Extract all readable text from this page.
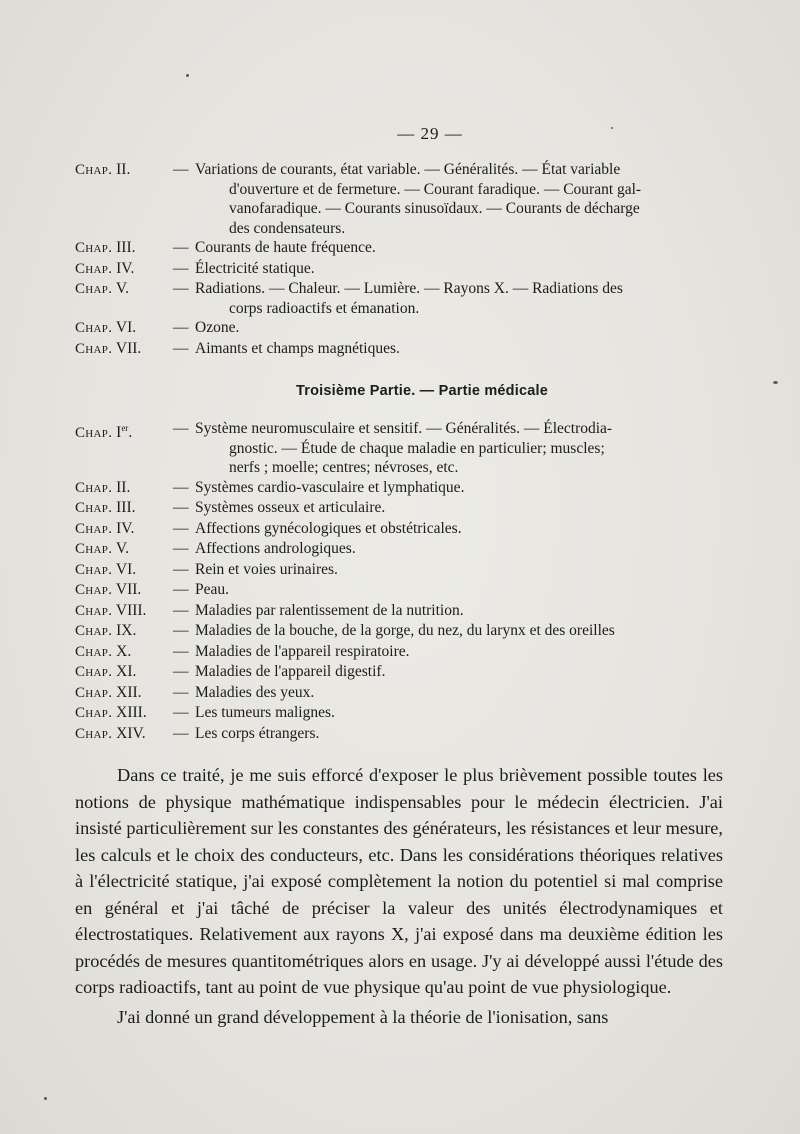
— 29 —
Chap. II.	— Variations de courants, état variable. — Généralités. — État variable
d'ouverture et de fermeture. — Courant faradique. — Courant gal-
vanofaradique. — Courants sinusoïdaux. — Courants de décharge
des condensateurs.
Chap. III.	— Courants de haute fréquence.
Chap. IV.	— Électricité statique.
Chap. V.	— Radiations. — Chaleur. — Lumière. — Rayons X. — Radiations des
corps radioactifs et émanation.
Chap. VI.	— Ozone.
Chap. VII.	— Aimants et champs magnétiques.
Troisième Partie. — Partie médicale
Chap. Ier.	— Système neuromusculaire et sensitif. — Généralités. — Électrodia-
gnostic. — Étude de chaque maladie en particulier; muscles;
nerfs ; moelle; centres; névroses, etc.
Chap. II.	— Systèmes cardio-vasculaire et lymphatique.
Chap. III.	— Systèmes osseux et articulaire.
Chap. IV.	— Affections gynécologiques et obstétricales.
Chap. V.	— Affections andrologiques.
Chap. VI.	— Rein et voies urinaires.
Chap. VII.	— Peau.
Chap. VIII.	— Maladies par ralentissement de la nutrition.
Chap. IX.	— Maladies de la bouche, de la gorge, du nez, du larynx et des oreilles
Chap. X.	— Maladies de l'appareil respiratoire.
Chap. XI.	— Maladies de l'appareil digestif.
Chap. XII.	— Maladies des yeux.
Chap. XIII.	— Les tumeurs malignes.
Chap. XIV.	— Les corps étrangers.

Dans ce traité, je me suis efforcé d'exposer le plus brièvement possible toutes les notions de physique mathématique indispensables pour le médecin électricien. J'ai insisté particulièrement sur les constantes des générateurs, les résistances et leur mesure, les calculs et le choix des conducteurs, etc. Dans les considérations théoriques relatives à l'électricité statique, j'ai exposé complètement la notion du potentiel si mal comprise en général et j'ai tâché de préciser la valeur des unités électrodynamiques et électrostatiques. Relativement aux rayons X, j'ai exposé dans ma deuxième édition les procédés de mesures quantitométriques alors en usage. J'y ai développé aussi l'étude des corps radioactifs, tant au point de vue physique qu'au point de vue physiologique.

J'ai donné un grand développement à la théorie de l'ionisation, sans
